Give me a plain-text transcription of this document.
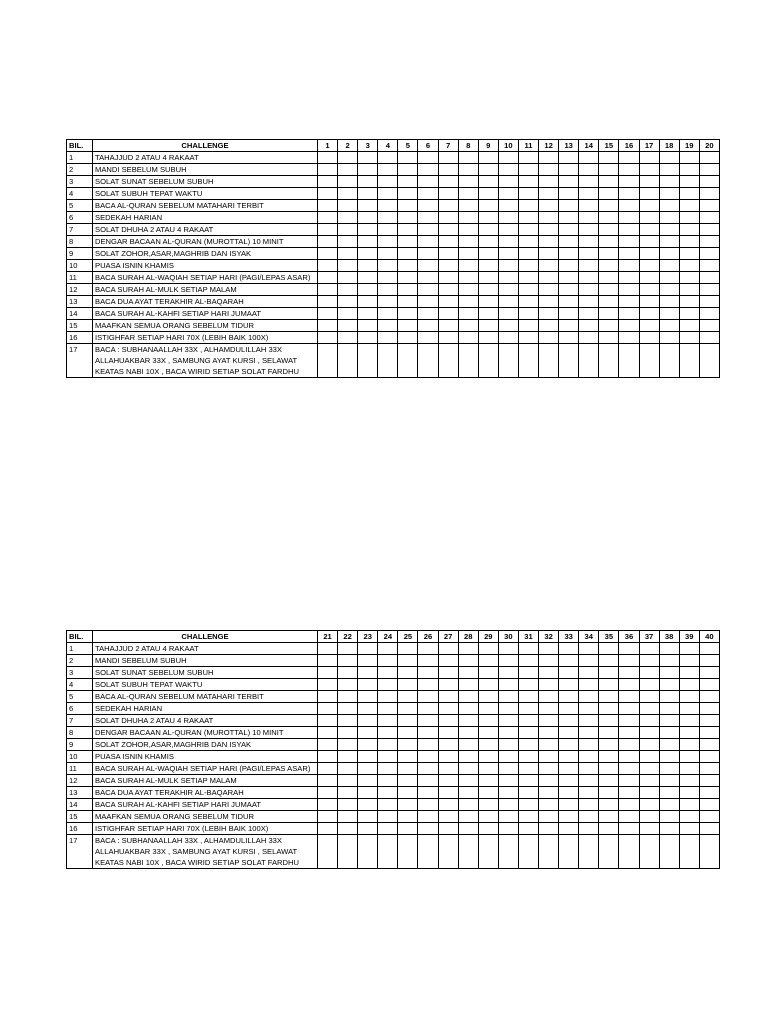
BIL.	CHALLENGE	1	2	3	4	5	6	7	8	9	10	11	12	13	14	15	16	17	18	19	20
1	TAHAJJUD 2 ATAU 4 RAKAAT																				
2	MANDI SEBELUM SUBUH																				
3	SOLAT SUNAT SEBELUM SUBUH																				
4	SOLAT SUBUH TEPAT WAKTU																				
5	BACA AL-QURAN SEBELUM MATAHARI TERBIT																				
6	SEDEKAH HARIAN																				
7	SOLAT DHUHA 2 ATAU 4 RAKAAT																				
8	DENGAR BACAAN AL-QURAN (MUROTTAL) 10 MINIT																				
9	SOLAT ZOHOR,ASAR,MAGHRIB DAN ISYAK																				
10	PUASA ISNIN KHAMIS																				
11	BACA SURAH AL-WAQIAH SETIAP HARI (PAGI/LEPAS ASAR)																				
12	BACA SURAH AL-MULK SETIAP MALAM																				
13	BACA DUA AYAT TERAKHIR AL-BAQARAH																				
14	BACA SURAH AL-KAHFI SETIAP HARI JUMAAT																				
15	MAAFKAN SEMUA ORANG SEBELUM TIDUR																				
16	ISTIGHFAR SETIAP HARI 70X (LEBIH BAIK 100X)																				
17	BACA : SUBHANAALLAH 33X , ALHAMDULILLAH 33X ALLAHUAKBAR 33X , SAMBUNG AYAT KURSI , SELAWAT KEATAS NABI 10X , BACA WIRID SETIAP SOLAT FARDHU																				
BIL.	CHALLENGE	21	22	23	24	25	26	27	28	29	30	31	32	33	34	35	36	37	38	39	40
1	TAHAJJUD 2 ATAU 4 RAKAAT																				
2	MANDI SEBELUM SUBUH																				
3	SOLAT SUNAT SEBELUM SUBUH																				
4	SOLAT SUBUH TEPAT WAKTU																				
5	BACA AL-QURAN SEBELUM MATAHARI TERBIT																				
6	SEDEKAH HARIAN																				
7	SOLAT DHUHA 2 ATAU 4 RAKAAT																				
8	DENGAR BACAAN AL-QURAN (MUROTTAL) 10 MINIT																				
9	SOLAT ZOHOR,ASAR,MAGHRIB DAN ISYAK																				
10	PUASA ISNIN KHAMIS																				
11	BACA SURAH AL-WAQIAH SETIAP HARI (PAGI/LEPAS ASAR)																				
12	BACA SURAH AL-MULK SETIAP MALAM																				
13	BACA DUA AYAT TERAKHIR AL-BAQARAH																				
14	BACA SURAH AL-KAHFI SETIAP HARI JUMAAT																				
15	MAAFKAN SEMUA ORANG SEBELUM TIDUR																				
16	ISTIGHFAR SETIAP HARI 70X (LEBIH BAIK 100X)																				
17	BACA : SUBHANAALLAH 33X , ALHAMDULILLAH 33X ALLAHUAKBAR 33X , SAMBUNG AYAT KURSI , SELAWAT KEATAS NABI 10X , BACA WIRID SETIAP SOLAT FARDHU																				
